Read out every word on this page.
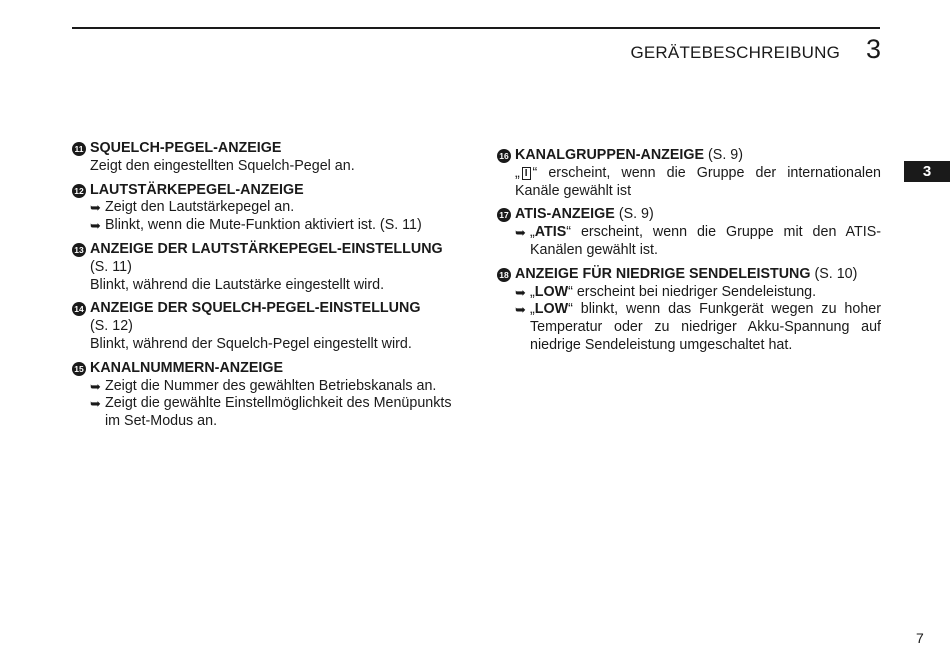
GERÄTEBESCHREIBUNG 3
3
7
11 SQUELCH-PEGEL-ANZEIGE
Zeigt den eingestellten Squelch-Pegel an.
12 LAUTSTÄRKEPEGEL-ANZEIGE
➥ Zeigt den Lautstärkepegel an.
➥ Blinkt, wenn die Mute-Funktion aktiviert ist. (S. 11)
13 ANZEIGE DER LAUTSTÄRKEPEGEL-EINSTELLUNG
(S. 11)
Blinkt, während die Lautstärke eingestellt wird.
14 ANZEIGE DER SQUELCH-PEGEL-EINSTELLUNG
(S. 12)
Blinkt, während der Squelch-Pegel eingestellt wird.
15 KANALNUMMERN-ANZEIGE
➥ Zeigt die Nummer des gewählten Betriebskanals an.
➥ Zeigt die gewählte Einstellmöglichkeit des Menüpunkts im Set-Modus an.
16 KANALGRUPPEN-ANZEIGE (S. 9)
„ I “ erscheint, wenn die Gruppe der internationalen Kanäle gewählt ist
17 ATIS-ANZEIGE (S. 9)
➥ „ATIS“ erscheint, wenn die Gruppe mit den ATIS-Kanälen gewählt ist.
18 ANZEIGE FÜR NIEDRIGE SENDELEISTUNG (S. 10)
➥ „LOW“ erscheint bei niedriger Sendeleistung.
➥ „LOW“ blinkt, wenn das Funkgerät wegen zu hoher Temperatur oder zu niedriger Akku-Spannung auf niedrige Sendeleistung umgeschaltet hat.
